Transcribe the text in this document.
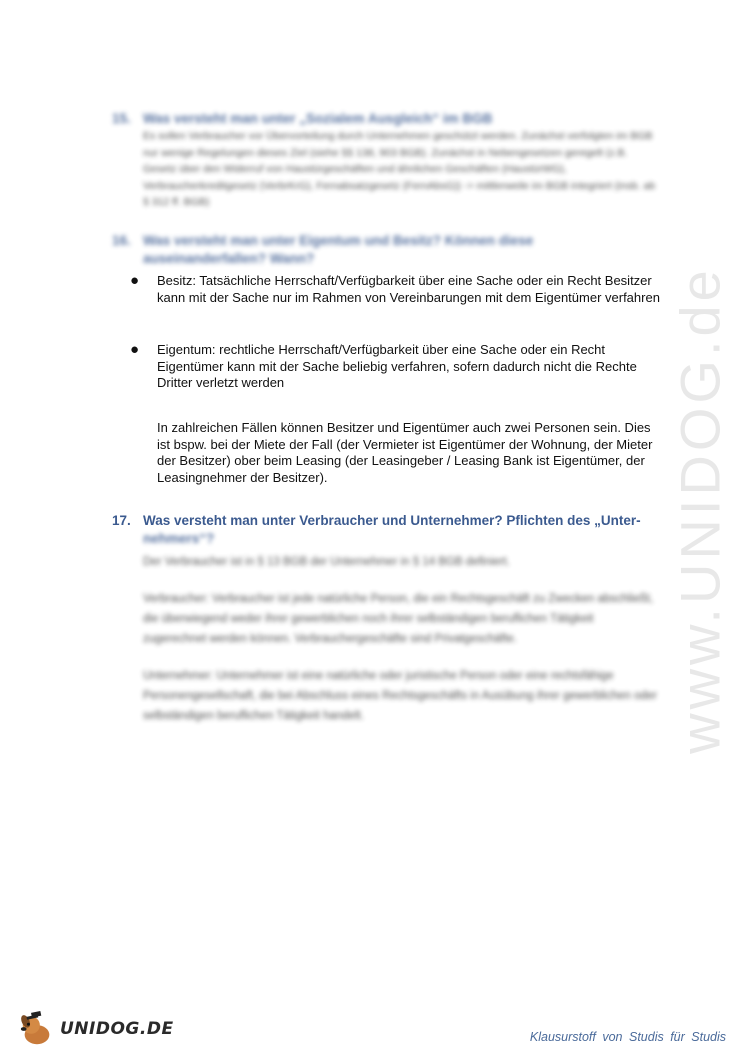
www.UNIDOG.de
15. Was versteht man unter „Sozialem Ausgleich“ im BGB
Es sollen Verbraucher vor Übervorteilung durch Unternehmen geschützt werden. Zunächst verfolgten im BGB nur wenige Regelungen dieses Ziel (siehe §§ 138, 903 BGB). Zunächst in Nebengesetzen geregelt (z.B. Gesetz über den Widerruf von Haustürgeschäften und ähnlichen Geschäften (HaustürWG), Verbraucherkreditgesetz (VerbrKrG), Fernabsatzgesetz (FernAbsG)) -> mittlerweile im BGB integriert (insb. ab § 312 ff. BGB)
16. Was versteht man unter Eigentum und Besitz? Können diese auseinanderfallen? Wann?
●	Besitz: Tatsächliche Herrschaft/Verfügbarkeit über eine Sache oder ein Recht Besitzer kann mit der Sache nur im Rahmen von Vereinbarungen mit dem Eigentümer verfahren
●	Eigentum: rechtliche Herrschaft/Verfügbarkeit über eine Sache oder ein Recht Eigentümer kann mit der Sache beliebig verfahren, sofern dadurch nicht die Rechte Dritter verletzt werden
In zahlreichen Fällen können Besitzer und Eigentümer auch zwei Personen sein. Dies ist bspw. bei der Miete der Fall (der Vermieter ist Eigentümer der Wohnung, der Mieter der Besitzer) ober beim Leasing (der Leasingeber / Leasing Bank ist Eigentümer, der Leasingnehmer der Besitzer).
17. Was versteht man unter Verbraucher und Unternehmer? Pflichten des „Unter-
nehmers“?

Der Verbraucher ist in § 13 BGB der Unternehmer in § 14 BGB definiert.

Verbraucher: Verbraucher ist jede natürliche Person, die ein Rechtsgeschäft zu Zwecken abschließt, die überwiegend weder ihrer gewerblichen noch ihrer selbständigen beruflichen Tätigkeit zugerechnet werden können. Verbrauchergeschäfte sind Privatgeschäfte.

Unternehmer: Unternehmer ist eine natürliche oder juristische Person oder eine rechtsfähige Personengesellschaft, die bei Abschluss eines Rechtsgeschäfts in Ausübung ihrer gewerblichen oder selbständigen beruflichen Tätigkeit handelt.

UNIDOG.DE	Klausurstoff von Studis für Studis
